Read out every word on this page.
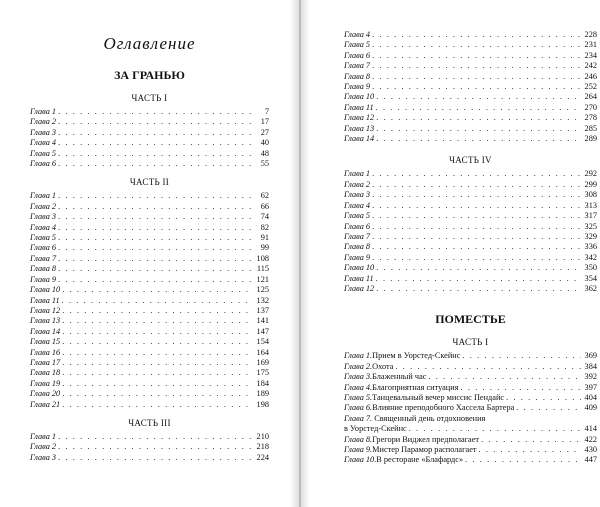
Оглавление
ЗА ГРАНЬЮ
ЧАСТЬ I
Глава 1 . . .	7
Глава 2 . . .	17
Глава 3 . . .	27
Глава 4 . . .	40
Глава 5 . . .	48
Глава 6 . . .	55
ЧАСТЬ II
Глава 1 . . .	62
Глава 2 . . .	66
Глава 3 . . .	74
Глава 4 . . .	82
Глава 5 . . .	91
Глава 6 . . .	99
Глава 7 . . .	108
Глава 8 . . .	115
Глава 9 . . .	121
Глава 10 . . .	125
Глава 11 . . .	132
Глава 12 . . .	137
Глава 13 . . .	141
Глава 14 . . .	147
Глава 15 . . .	154
Глава 16 . . .	164
Глава 17 . . .	169
Глава 18 . . .	175
Глава 19 . . .	184
Глава 20 . . .	189
Глава 21 . . .	198
ЧАСТЬ III
Глава 1 . . .	210
Глава 2 . . .	218
Глава 3 . . .	224
Глава 4 . . .	228
Глава 5 . . .	231
Глава 6 . . .	234
Глава 7 . . .	242
Глава 8 . . .	246
Глава 9 . . .	252
Глава 10 . . .	264
Глава 11 . . .	270
Глава 12 . . .	278
Глава 13 . . .	285
Глава 14 . . .	289
ЧАСТЬ IV
Глава 1 . . .	292
Глава 2 . . .	299
Глава 3 . . .	308
Глава 4 . . .	313
Глава 5 . . .	317
Глава 6 . . .	325
Глава 7 . . .	329
Глава 8 . . .	336
Глава 9 . . .	342
Глава 10 . . .	350
Глава 11 . . .	354
Глава 12 . . .	362
ПОМЕСТЬЕ
ЧАСТЬ I
Глава 1. Прием в Уорстед-Скейнс . . .	369
Глава 2. Охота . . .	384
Глава 3. Блаженный час . . .	392
Глава 4. Благоприятная ситуация . . .	397
Глава 5. Танцевальный вечер миссис Пендайс . . .	404
Глава 6. Влияние преподобного Хассела Бартера . . .	409
Глава 7. Священный день отдохновения
в Уорстед-Скейнс . . .	414
Глава 8. Грегори Виджел предполагает . . .	422
Глава 9. Мистер Парамор располагает . . .	430
Глава 10. В ресторане «Блафардс» . . .	447
